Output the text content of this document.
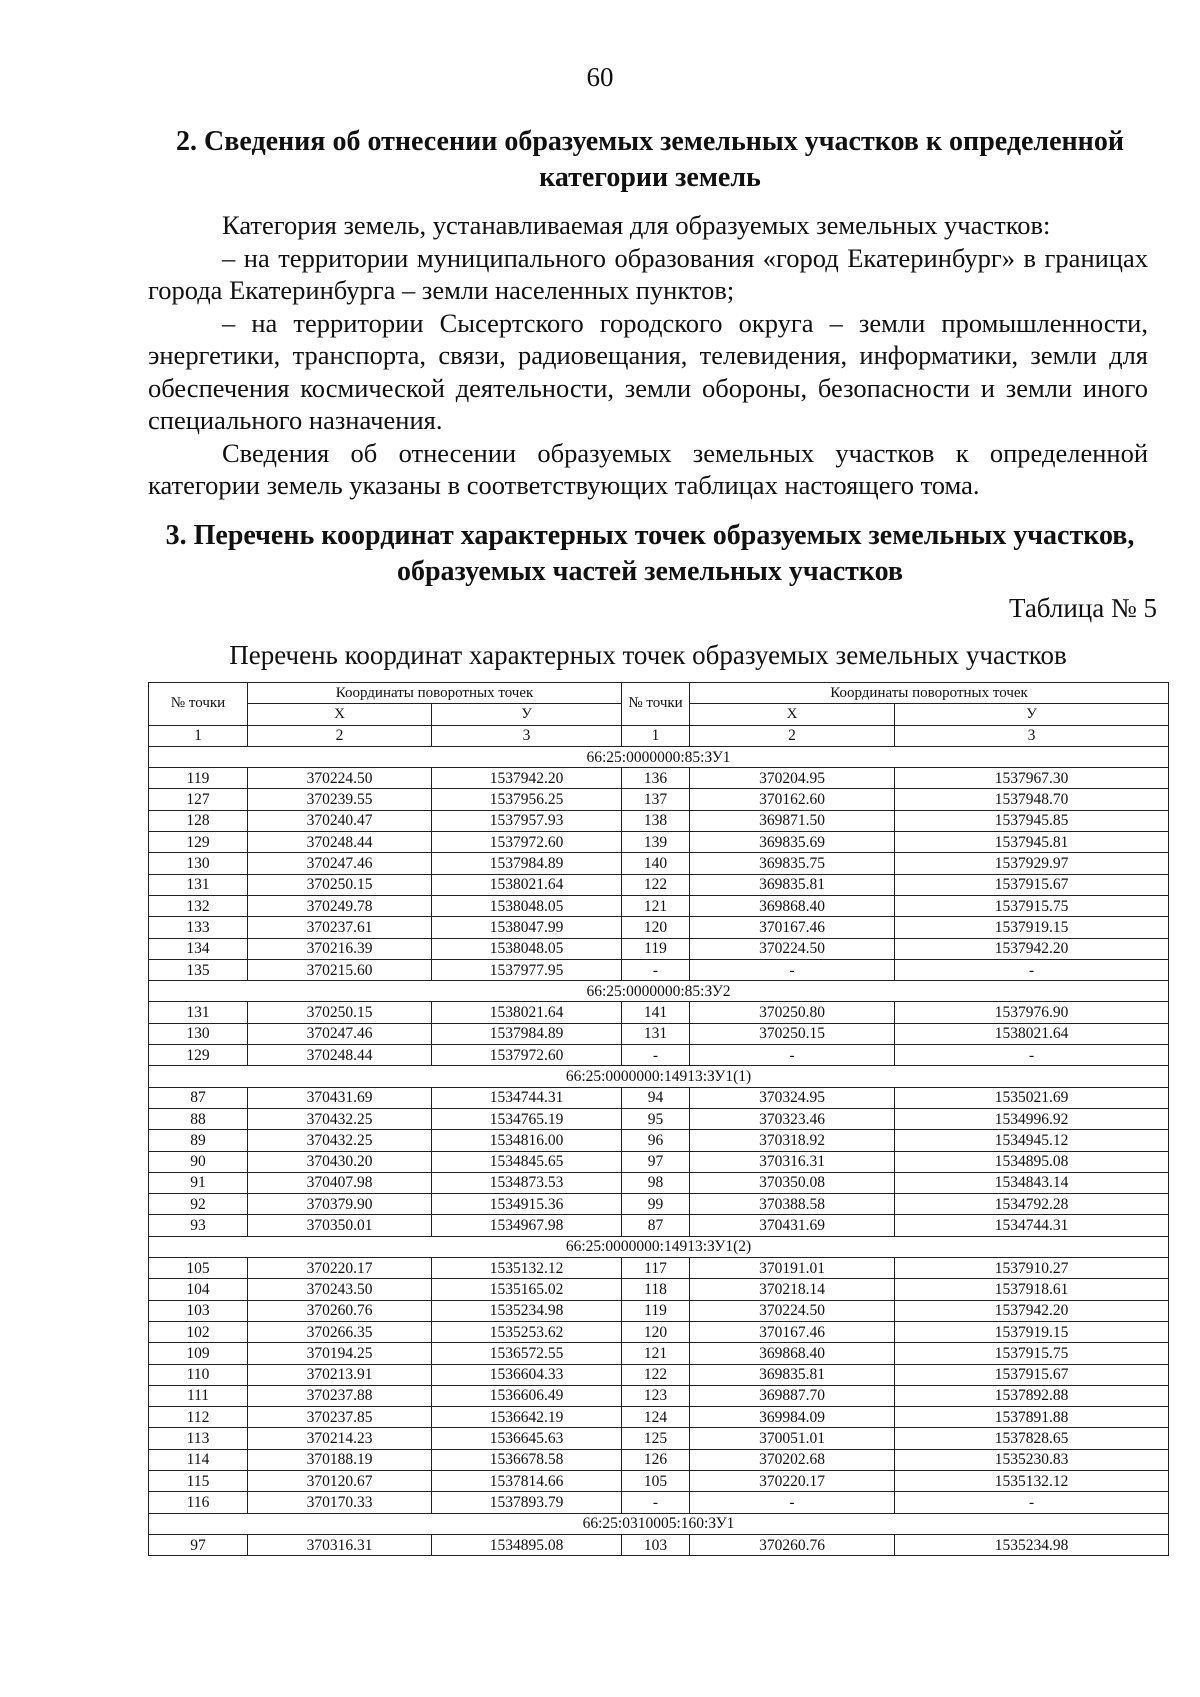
60
2. Сведения об отнесении образуемых земельных участков к определенной категории земель
Категория земель, устанавливаемая для образуемых земельных участков:
– на территории муниципального образования «город Екатеринбург» в границах города Екатеринбурга – земли населенных пунктов;
– на территории Сысертского городского округа – земли промышленности, энергетики, транспорта, связи, радиовещания, телевидения, информатики, земли для обеспечения космической деятельности, земли обороны, безопасности и земли иного специального назначения.
Сведения об отнесении образуемых земельных участков к определенной категории земель указаны в соответствующих таблицах настоящего тома.
3. Перечень координат характерных точек образуемых земельных участков, образуемых частей земельных участков
Таблица № 5
Перечень координат характерных точек образуемых земельных участков
№ точки	Координаты поворотных точек		№ точки	Координаты поворотных точек	
	Х	У		Х	У
1	2	3	1	2	3
66:25:0000000:85:ЗУ1					
119	370224.50	1537942.20	136	370204.95	1537967.30
127	370239.55	1537956.25	137	370162.60	1537948.70
128	370240.47	1537957.93	138	369871.50	1537945.85
129	370248.44	1537972.60	139	369835.69	1537945.81
130	370247.46	1537984.89	140	369835.75	1537929.97
131	370250.15	1538021.64	122	369835.81	1537915.67
132	370249.78	1538048.05	121	369868.40	1537915.75
133	370237.61	1538047.99	120	370167.46	1537919.15
134	370216.39	1538048.05	119	370224.50	1537942.20
135	370215.60	1537977.95	-	-	-
66:25:0000000:85:ЗУ2					
131	370250.15	1538021.64	141	370250.80	1537976.90
130	370247.46	1537984.89	131	370250.15	1538021.64
129	370248.44	1537972.60	-	-	-
66:25:0000000:14913:ЗУ1(1)					
87	370431.69	1534744.31	94	370324.95	1535021.69
88	370432.25	1534765.19	95	370323.46	1534996.92
89	370432.25	1534816.00	96	370318.92	1534945.12
90	370430.20	1534845.65	97	370316.31	1534895.08
91	370407.98	1534873.53	98	370350.08	1534843.14
92	370379.90	1534915.36	99	370388.58	1534792.28
93	370350.01	1534967.98	87	370431.69	1534744.31
66:25:0000000:14913:ЗУ1(2)					
105	370220.17	1535132.12	117	370191.01	1537910.27
104	370243.50	1535165.02	118	370218.14	1537918.61
103	370260.76	1535234.98	119	370224.50	1537942.20
102	370266.35	1535253.62	120	370167.46	1537919.15
109	370194.25	1536572.55	121	369868.40	1537915.75
110	370213.91	1536604.33	122	369835.81	1537915.67
111	370237.88	1536606.49	123	369887.70	1537892.88
112	370237.85	1536642.19	124	369984.09	1537891.88
113	370214.23	1536645.63	125	370051.01	1537828.65
114	370188.19	1536678.58	126	370202.68	1535230.83
115	370120.67	1537814.66	105	370220.17	1535132.12
116	370170.33	1537893.79	-	-	-
66:25:0310005:160:ЗУ1					
97	370316.31	1534895.08	103	370260.76	1535234.98
